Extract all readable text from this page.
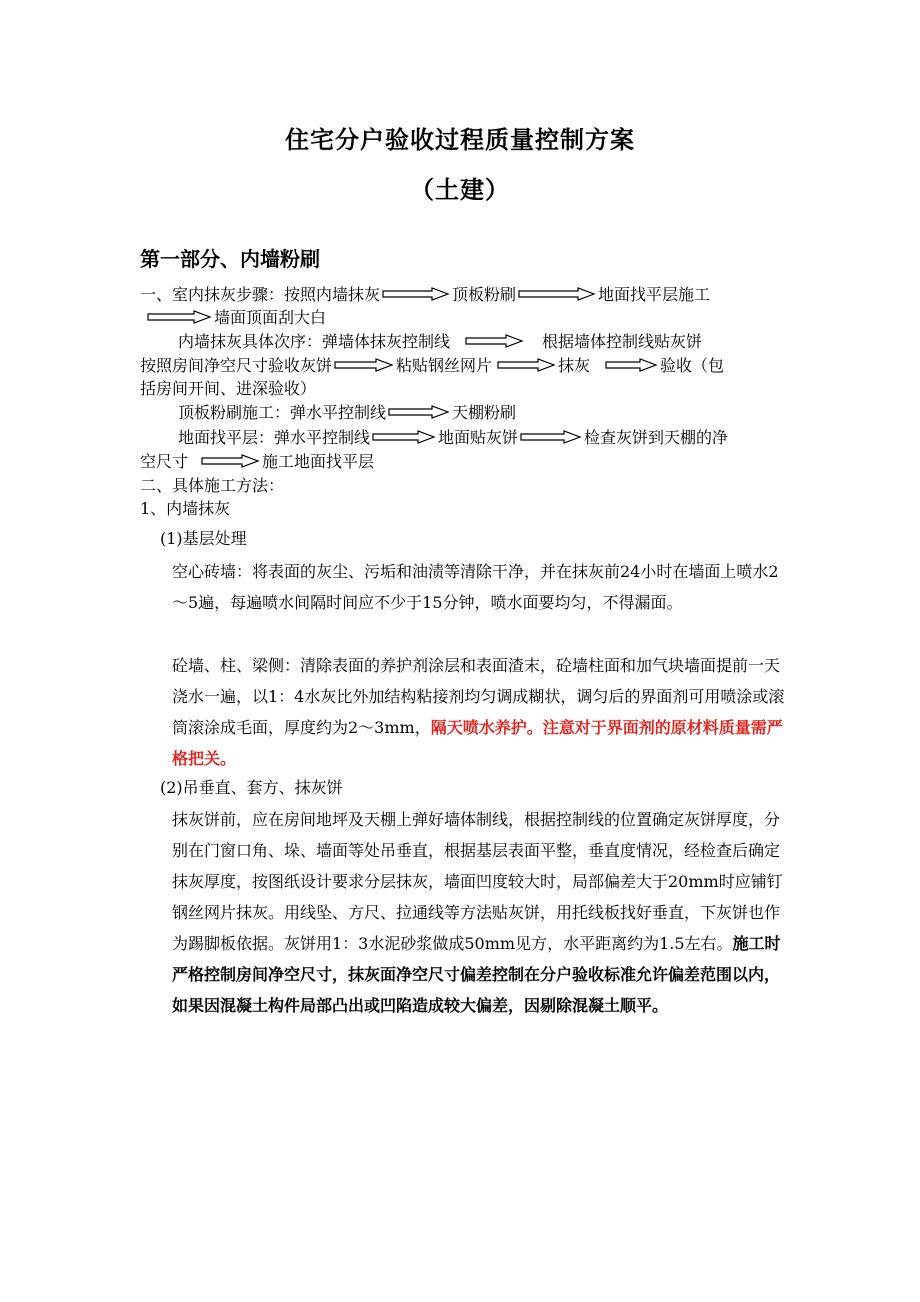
住宅分户验收过程质量控制方案
（土建）
第一部分、内墙粉刷
一、室内抹灰步骤：按照内墙抹灰	顶板粉刷	地面找平层施工
墙面顶面刮大白
内墙抹灰具体次序：弹墙体抹灰控制线	根据墙体控制线贴灰饼
按照房间净空尺寸验收灰饼	粘贴钢丝网片	抹灰	验收（包
括房间开间、进深验收）
顶板粉刷施工：弹水平控制线	天棚粉刷
地面找平层：弹水平控制线	地面贴灰饼	检查灰饼到天棚的净
空尺寸	施工地面找平层
二、具体施工方法：
1、内墙抹灰
(1)基层处理
空心砖墙：将表面的灰尘、污垢和油渍等清除干净，并在抹灰前24小时在墙面上喷水2～5遍，每遍喷水间隔时间应不少于15分钟，喷水面要均匀，不得漏面。
砼墙、柱、梁侧：清除表面的养护剂涂层和表面渣末，砼墙柱面和加气块墙面提前一天浇水一遍，以1：4水灰比外加结构粘接剂均匀调成糊状，调匀后的界面剂可用喷涂或滚筒滚涂成毛面，厚度约为2～3mm，隔天喷水养护。注意对于界面剂的原材料质量需严格把关。
(2)吊垂直、套方、抹灰饼
抹灰饼前，应在房间地坪及天棚上弹好墙体制线，根据控制线的位置确定灰饼厚度，分别在门窗口角、垛、墙面等处吊垂直，根据基层表面平整，垂直度情况，经检查后确定抹灰厚度，按图纸设计要求分层抹灰，墙面凹度较大时，局部偏差大于20mm时应铺钉钢丝网片抹灰。用线坠、方尺、拉通线等方法贴灰饼，用托线板找好垂直，下灰饼也作为踢脚板依据。灰饼用1：3水泥砂浆做成50mm见方，水平距离约为1.5左右。施工时严格控制房间净空尺寸，抹灰面净空尺寸偏差控制在分户验收标准允许偏差范围以内，如果因混凝土构件局部凸出或凹陷造成较大偏差，因剔除混凝土顺平。
